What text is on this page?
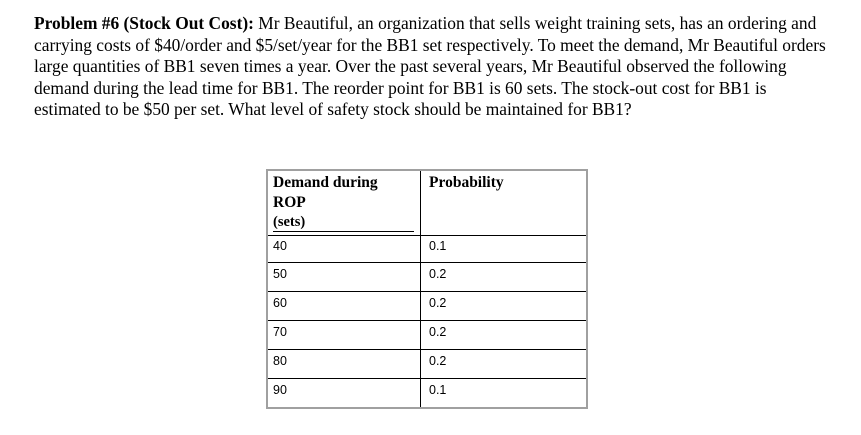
Problem #6 (Stock Out Cost): Mr Beautiful, an organization that sells weight training sets, has an ordering and carrying costs of $40/order and $5/set/year for the BB1 set respectively. To meet the demand, Mr Beautiful orders large quantities of BB1 seven times a year. Over the past several years, Mr Beautiful observed the following demand during the lead time for BB1. The reorder point for BB1 is 60 sets. The stock-out cost for BB1 is estimated to be $50 per set. What level of safety stock should be maintained for BB1?

Demand during
ROP
(sets)	Probability
40	0.1
50	0.2
60	0.2
70	0.2
80	0.2
90	0.1
